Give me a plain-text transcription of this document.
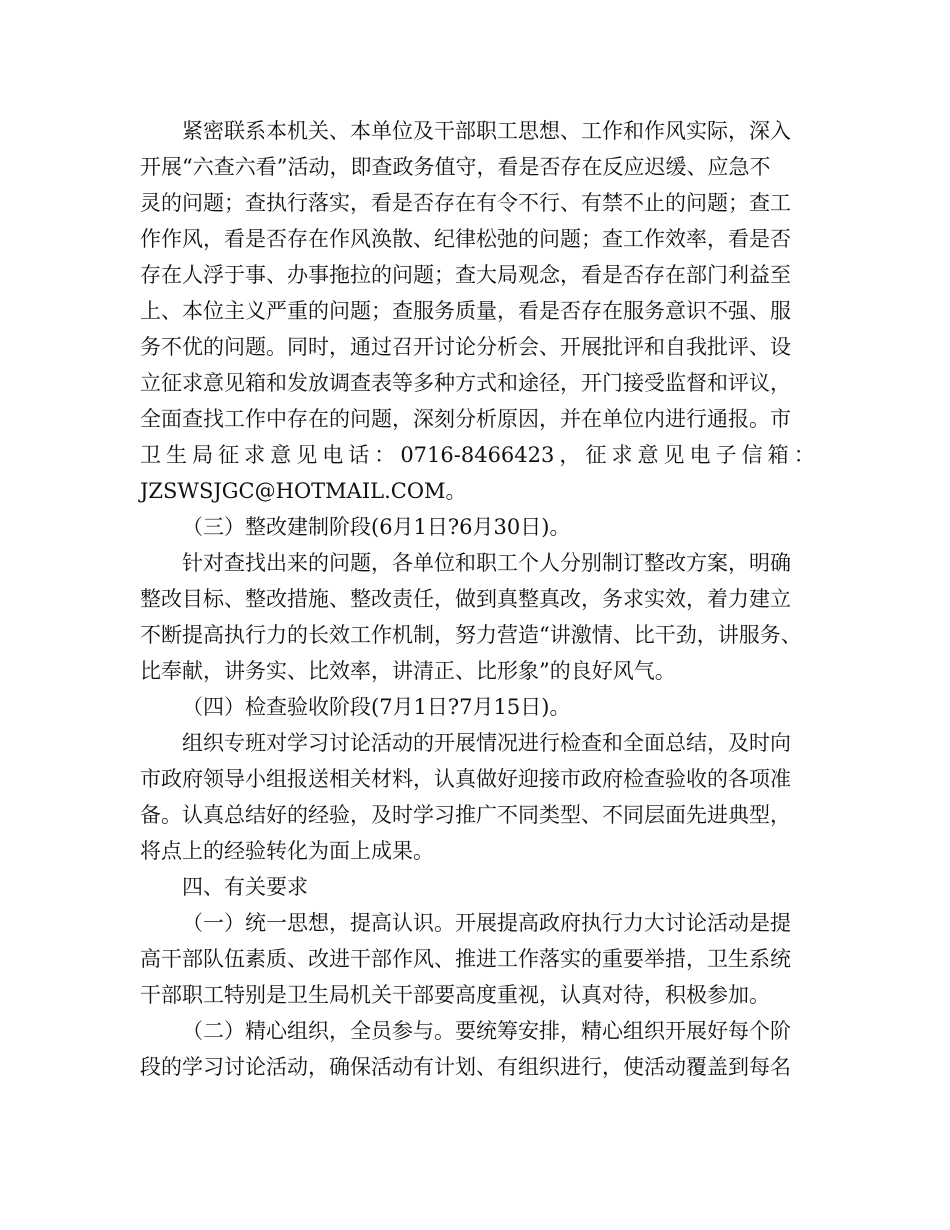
紧密联系本机关、本单位及干部职工思想、工作和作风实际，深入
开展“六查六看”活动，即查政务值守，看是否存在反应迟缓、应急不
灵的问题；查执行落实，看是否存在有令不行、有禁不止的问题；查工
作作风，看是否存在作风涣散、纪律松弛的问题；查工作效率，看是否
存在人浮于事、办事拖拉的问题；查大局观念，看是否存在部门利益至
上、本位主义严重的问题；查服务质量，看是否存在服务意识不强、服
务不优的问题。同时，通过召开讨论分析会、开展批评和自我批评、设
立征求意见箱和发放调查表等多种方式和途径，开门接受监督和评议，
全面查找工作中存在的问题，深刻分析原因，并在单位内进行通报。市
卫 生 局 征 求 意 见 电 话 ： 0716-8466423 ， 征 求 意 见 电 子 信 箱 ：
JZSWSJGC@HOTMAIL.COM。
（三）整改建制阶段(6月1日?6月30日)。
针对查找出来的问题，各单位和职工个人分别制订整改方案，明确
整改目标、整改措施、整改责任，做到真整真改，务求实效，着力建立
不断提高执行力的长效工作机制，努力营造“讲激情、比干劲，讲服务、
比奉献，讲务实、比效率，讲清正、比形象”的良好风气。
（四）检查验收阶段(7月1日?7月15日)。
组织专班对学习讨论活动的开展情况进行检查和全面总结，及时向
市政府领导小组报送相关材料，认真做好迎接市政府检查验收的各项准
备。认真总结好的经验，及时学习推广不同类型、不同层面先进典型，
将点上的经验转化为面上成果。
四、有关要求
（一）统一思想，提高认识。开展提高政府执行力大讨论活动是提
高干部队伍素质、改进干部作风、推进工作落实的重要举措，卫生系统
干部职工特别是卫生局机关干部要高度重视，认真对待，积极参加。
（二）精心组织，全员参与。要统筹安排，精心组织开展好每个阶
段的学习讨论活动，确保活动有计划、有组织进行，使活动覆盖到每名
